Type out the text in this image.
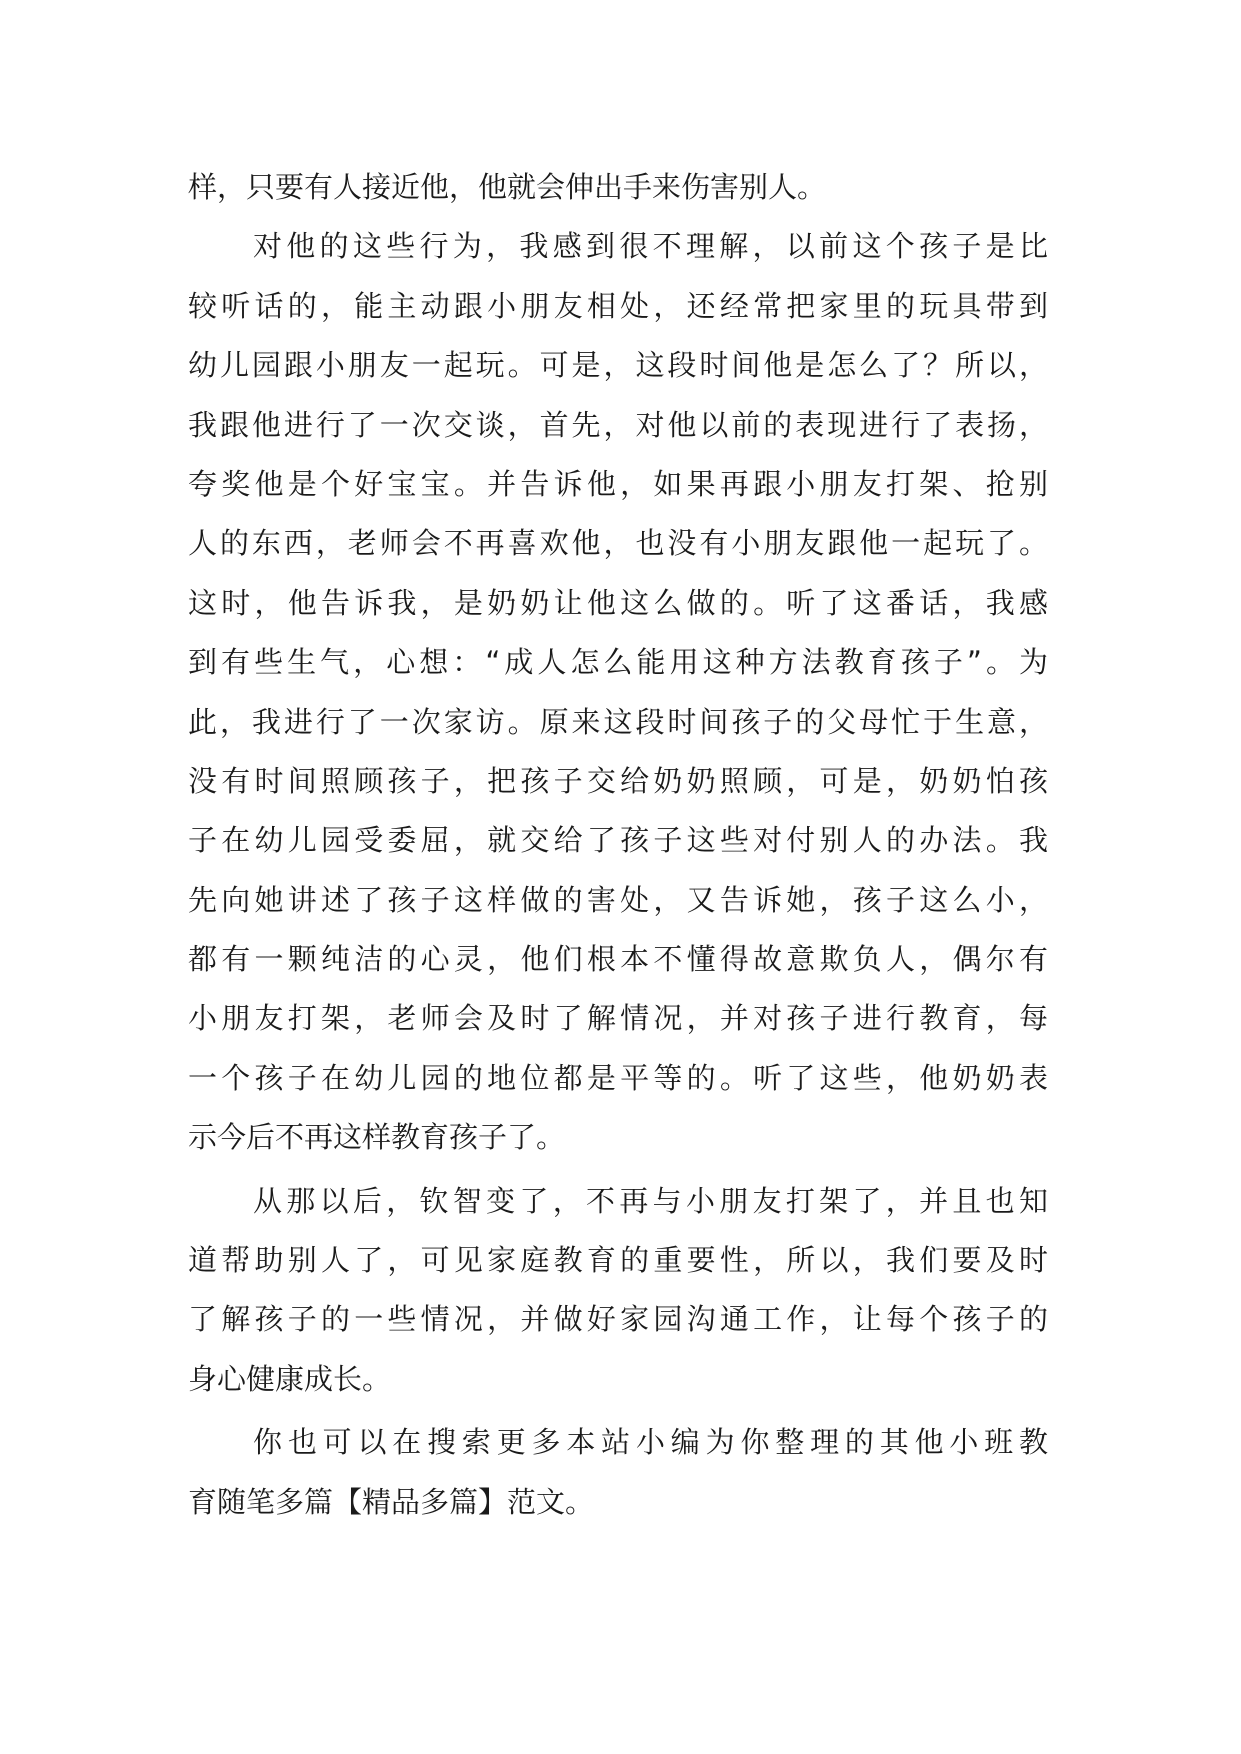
样，只要有人接近他，他就会伸出手来伤害别人。
对他的这些行为，我感到很不理解，以前这个孩子是比
较听话的，能主动跟小朋友相处，还经常把家里的玩具带到
幼儿园跟小朋友一起玩。可是，这段时间他是怎么了？所以，
我跟他进行了一次交谈，首先，对他以前的表现进行了表扬，
夸奖他是个好宝宝。并告诉他，如果再跟小朋友打架、抢别
人的东西，老师会不再喜欢他，也没有小朋友跟他一起玩了。
这时，他告诉我，是奶奶让他这么做的。听了这番话，我感
到有些生气，心想：“成人怎么能用这种方法教育孩子”。为
此，我进行了一次家访。原来这段时间孩子的父母忙于生意，
没有时间照顾孩子，把孩子交给奶奶照顾，可是，奶奶怕孩
子在幼儿园受委屈，就交给了孩子这些对付别人的办法。我
先向她讲述了孩子这样做的害处，又告诉她，孩子这么小，
都有一颗纯洁的心灵，他们根本不懂得故意欺负人，偶尔有
小朋友打架，老师会及时了解情况，并对孩子进行教育，每
一个孩子在幼儿园的地位都是平等的。听了这些，他奶奶表
示今后不再这样教育孩子了。
从那以后，钦智变了，不再与小朋友打架了，并且也知
道帮助别人了，可见家庭教育的重要性，所以，我们要及时
了解孩子的一些情况，并做好家园沟通工作，让每个孩子的
身心健康成长。
你也可以在搜索更多本站小编为你整理的其他小班教
育随笔多篇【精品多篇】范文。
